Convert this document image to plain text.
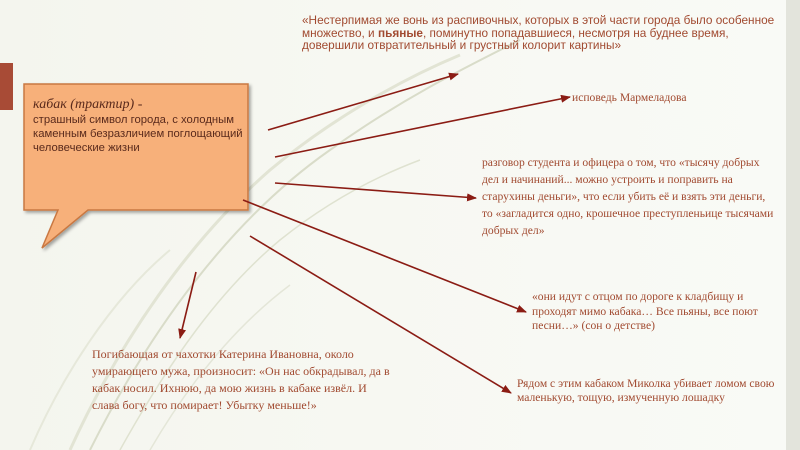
«Нестерпимая же вонь из распивочных, которых в этой части города было особенное множество, и пьяные, поминутно попадавшиеся, несмотря на буднее время, довершили отвратительный и грустный колорит картины»
кабак (трактир) -
страшный символ города, с холодным каменным безразличием поглощающий человеческие жизни
исповедь Мармеладова
разговор студента и офицера о том, что «тысячу добрых дел и начинаний... можно устроить и поправить на старухины деньги», что если убить её и взять эти деньги, то «загладится одно, крошечное преступленьице тысячами добрых дел»
«они идут с отцом по дороге к кладбищу и проходят мимо кабака… Все пьяны, все поют песни…» (сон о детстве)
Рядом с этим кабаком Миколка убивает ломом свою маленькую, тощую, измученную лошадку
Погибающая от чахотки Катерина Ивановна, около умирающего мужа, произносит: «Он нас обкрадывал, да в кабак носил. Ихнюю, да мою жизнь в кабаке извёл. И слава богу, что помирает! Убытку меньше!»
